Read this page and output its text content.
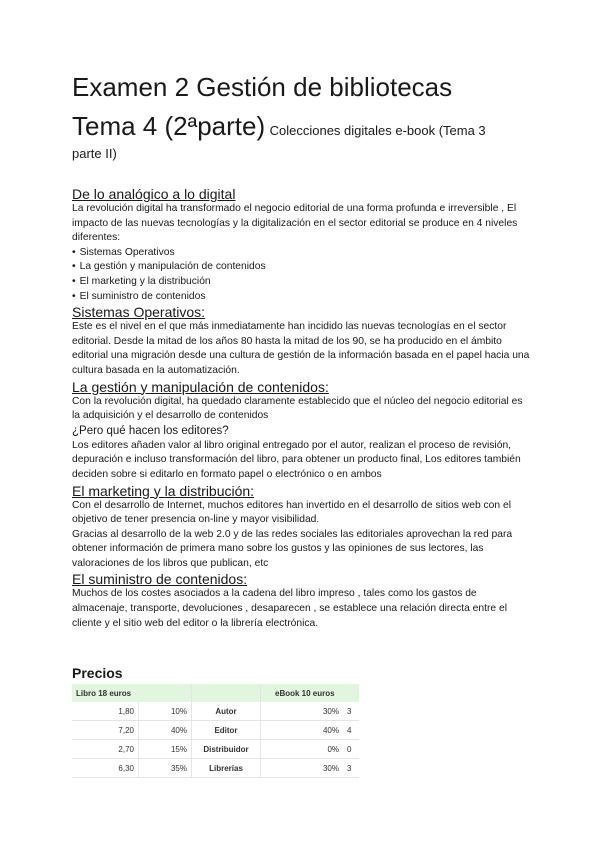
Examen 2 Gestión de bibliotecas
Tema 4 (2ªparte) Colecciones digitales e-book (Tema 3
parte II)
De lo analógico a lo digital

La revolución digital ha transformado el negocio editorial de una forma profunda e irreversible , El impacto de las nuevas tecnologías y la digitalización en el sector editorial se produce en 4 niveles diferentes:

• Sistemas Operativos
• La gestión y manipulación de contenidos
• El marketing y la distribución
• El suministro de contenidos
Sistemas Operativos:

Este es el nivel en el que más inmediatamente han incidido las nuevas tecnologías en el sector editorial. Desde la mitad de los años 80 hasta la mitad de los 90, se ha producido en el ámbito editorial una migración desde una cultura de gestión de la información basada en el papel hacia una cultura basada en la automatización.

La gestión y manipulación de contenidos:

Con la revolución digital, ha quedado claramente establecido que el núcleo del negocio editorial es la adquisición y el desarrollo de contenidos

¿Pero qué hacen los editores?

Los editores añaden valor al libro original entregado por el autor, realizan el proceso de revisión, depuración e incluso transformación del libro, para obtener un producto final, Los editores también deciden sobre si editarlo en formato papel o electrónico o en ambos

El marketing y la distribución:

Con el desarrollo de Internet, muchos editores han invertido en el desarrollo de sitios web con el objetivo de tener presencia on-line y mayor visibilidad.

Gracias al desarrollo de la web 2.0 y de las redes sociales las editoriales aprovechan la red para obtener información de primera mano sobre los gustos y las opiniones de sus lectores, las valoraciones de los libros que publican, etc

El suministro de contenidos:

Muchos de los costes asociados a la cadena del libro impreso , tales como los gastos de almacenaje, transporte, devoluciones , desaparecen , se establece una relación directa entre el cliente y el sitio web del editor o la librería electrónica.

Precios
Libro 18 euros			eBook 10 euros	
1,80	10%	Autor	30%	3
7,20	40%	Editor	40%	4
2,70	15%	Distribuidor	0%	0
6,30	35%	Librerías	30%	3
